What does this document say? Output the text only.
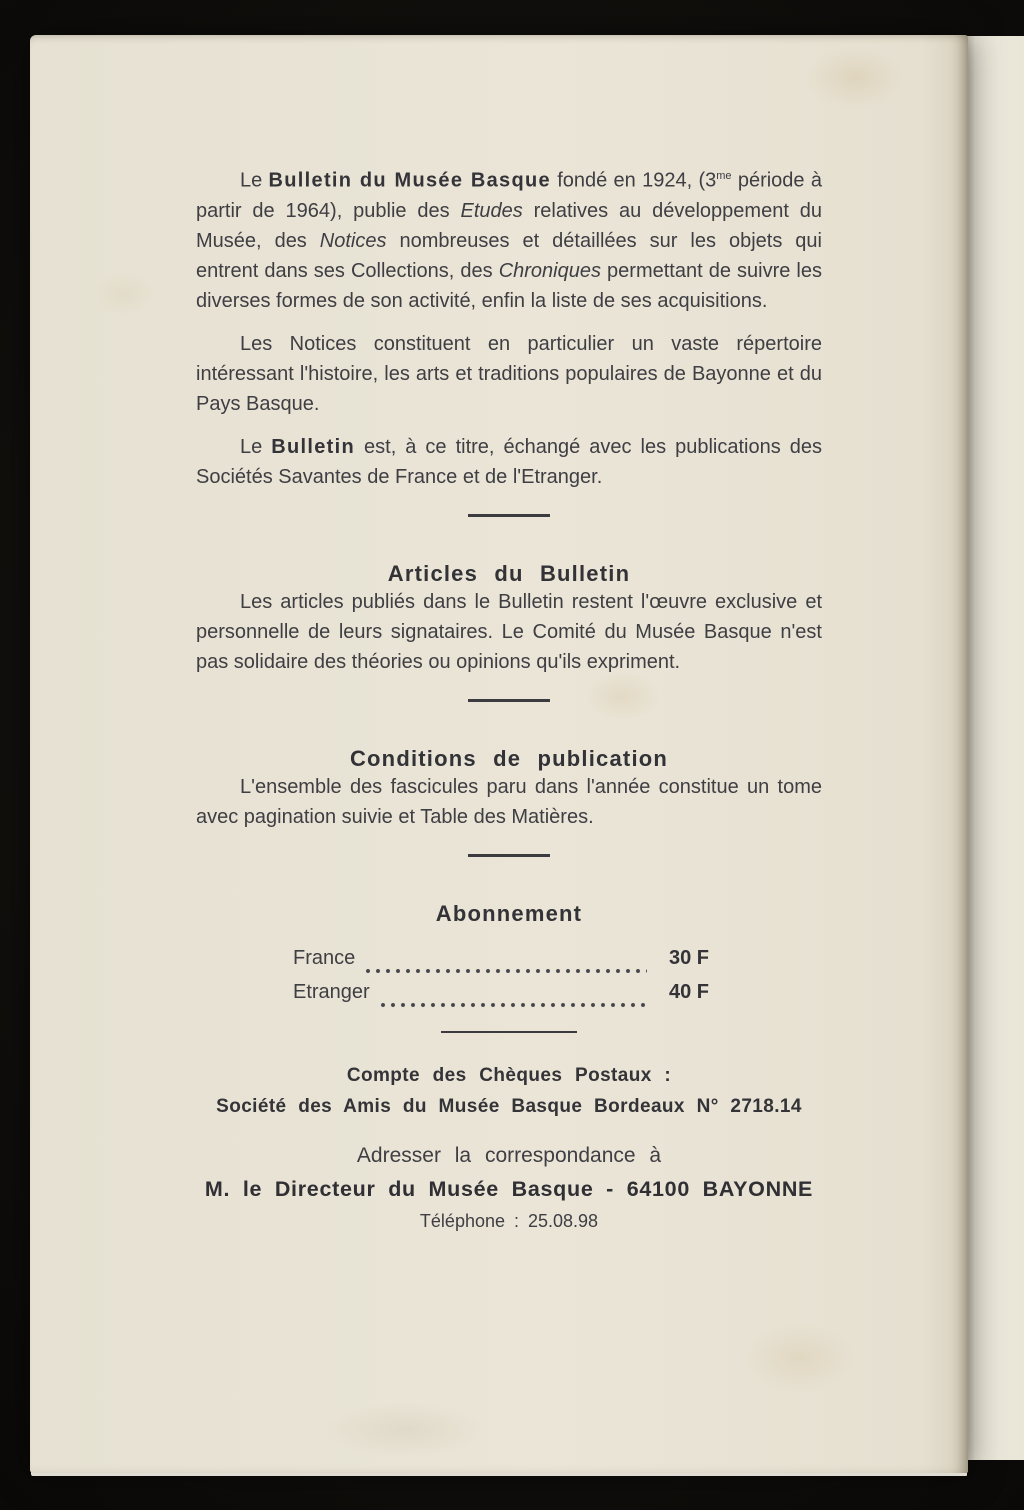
Le Bulletin du Musée Basque fondé en 1924, ($3^{me}$ période à partir de 1964), publie des Etudes relatives au développement du Musée, des Notices nombreuses et détaillées sur les objets qui entrent dans ses Collections, des Chroniques permettant de suivre les diverses formes de son activité, enfin la liste de ses acquisitions.

Les Notices constituent en particulier un vaste répertoire intéressant l'histoire, les arts et traditions populaires de Bayonne et du Pays Basque.

Le Bulletin est, à ce titre, échangé avec les publications des Sociétés Savantes de France et de l'Etranger.

Articles du Bulletin

Les articles publiés dans le Bulletin restent l'œuvre exclusive et personnelle de leurs signataires. Le Comité du Musée Basque n'est pas solidaire des théories ou opinions qu'ils expriment.

Conditions de publication

L'ensemble des fascicules paru dans l'année constitue un tome avec pagination suivie et Table des Matières.

Abonnement
France	30 F
Etranger	40 F
Compte des Chèques Postaux :
Société des Amis du Musée Basque Bordeaux N° 2718.14
Adresser la correspondance à
M. le Directeur du Musée Basque - 64100 BAYONNE
Téléphone : 25.08.98
